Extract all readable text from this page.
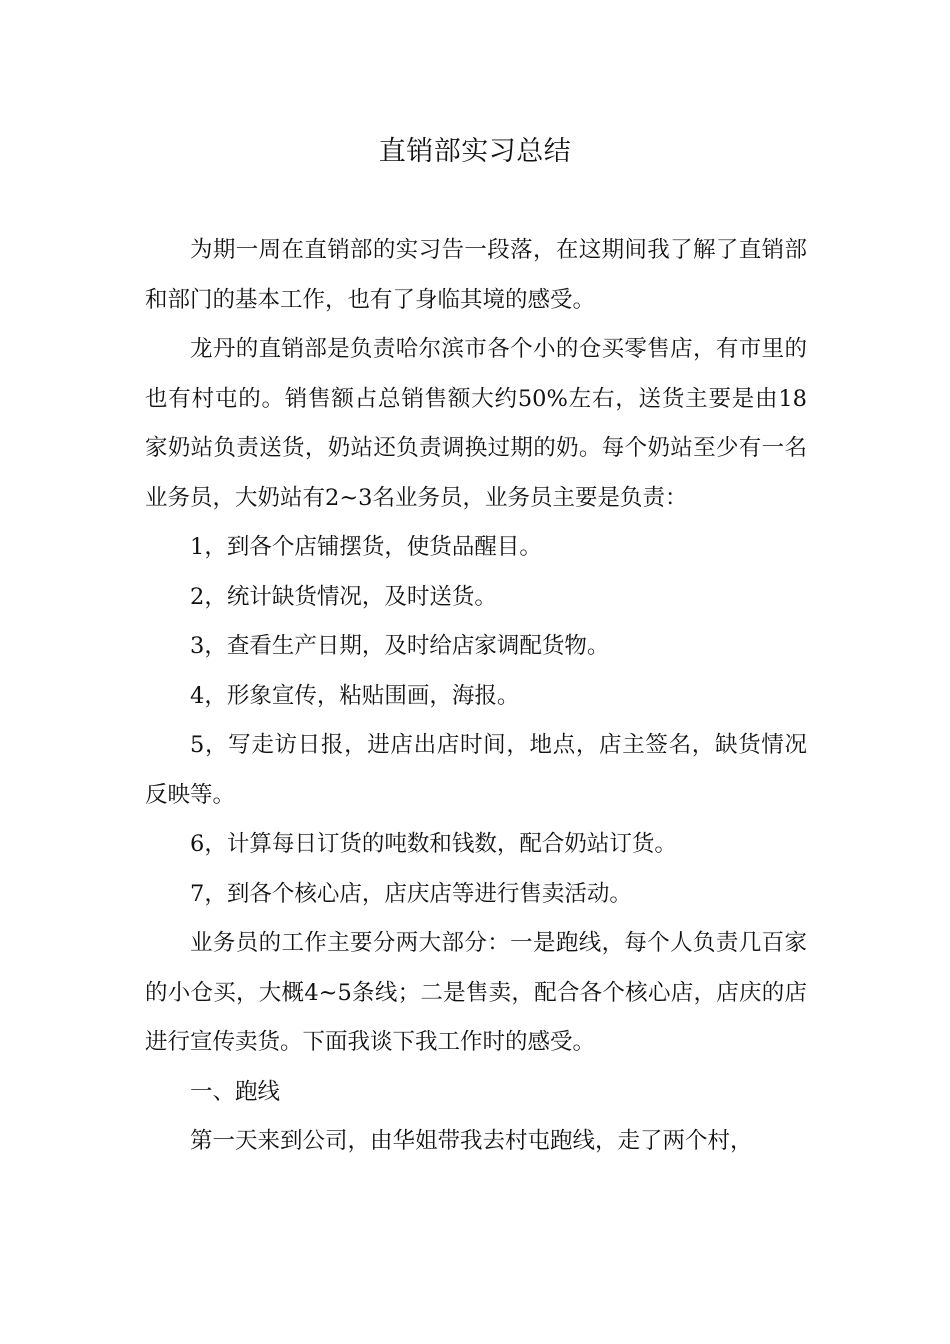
直销部实习总结

为期一周在直销部的实习告一段落，在这期间我了解了直销部和部门的基本工作，也有了身临其境的感受。

龙丹的直销部是负责哈尔滨市各个小的仓买零售店，有市里的也有村屯的。销售额占总销售额大约50%左右，送货主要是由18家奶站负责送货，奶站还负责调换过期的奶。每个奶站至少有一名业务员，大奶站有2~3名业务员，业务员主要是负责：

1，到各个店铺摆货，使货品醒目。

2，统计缺货情况，及时送货。

3，查看生产日期，及时给店家调配货物。

4，形象宣传，粘贴围画，海报。

5，写走访日报，进店出店时间，地点，店主签名，缺货情况反映等。

6，计算每日订货的吨数和钱数，配合奶站订货。

7，到各个核心店，店庆店等进行售卖活动。

业务员的工作主要分两大部分：一是跑线，每个人负责几百家的小仓买，大概4~5条线；二是售卖，配合各个核心店，店庆的店进行宣传卖货。下面我谈下我工作时的感受。

一、跑线

第一天来到公司，由华姐带我去村屯跑线，走了两个村，
